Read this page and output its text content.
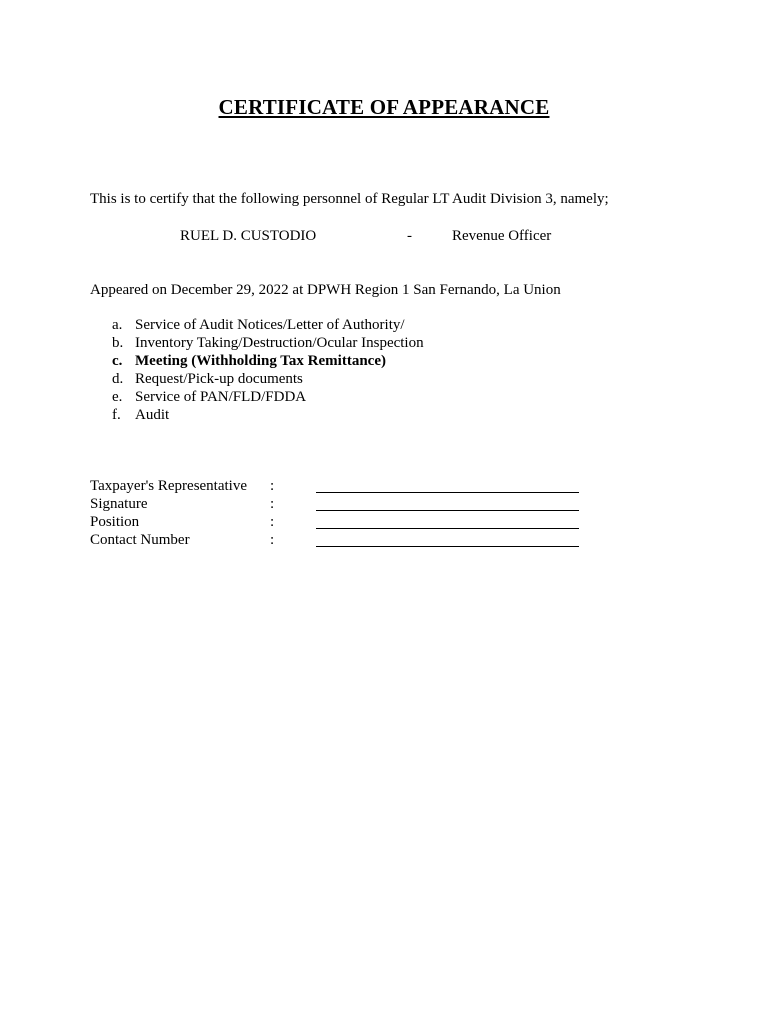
CERTIFICATE OF APPEARANCE
This is to certify that the following personnel of Regular LT Audit Division 3, namely;
RUEL D. CUSTODIO	-	Revenue Officer
Appeared on December 29, 2022 at DPWH Region 1 San Fernando, La Union
a. Service of Audit Notices/Letter of Authority/
b. Inventory Taking/Destruction/Ocular Inspection
c. Meeting (Withholding Tax Remittance)
d. Request/Pick-up documents
e. Service of PAN/FLD/FDDA
f. Audit
Taxpayer's Representative :
Signature	:
Position	:
Contact Number	:
